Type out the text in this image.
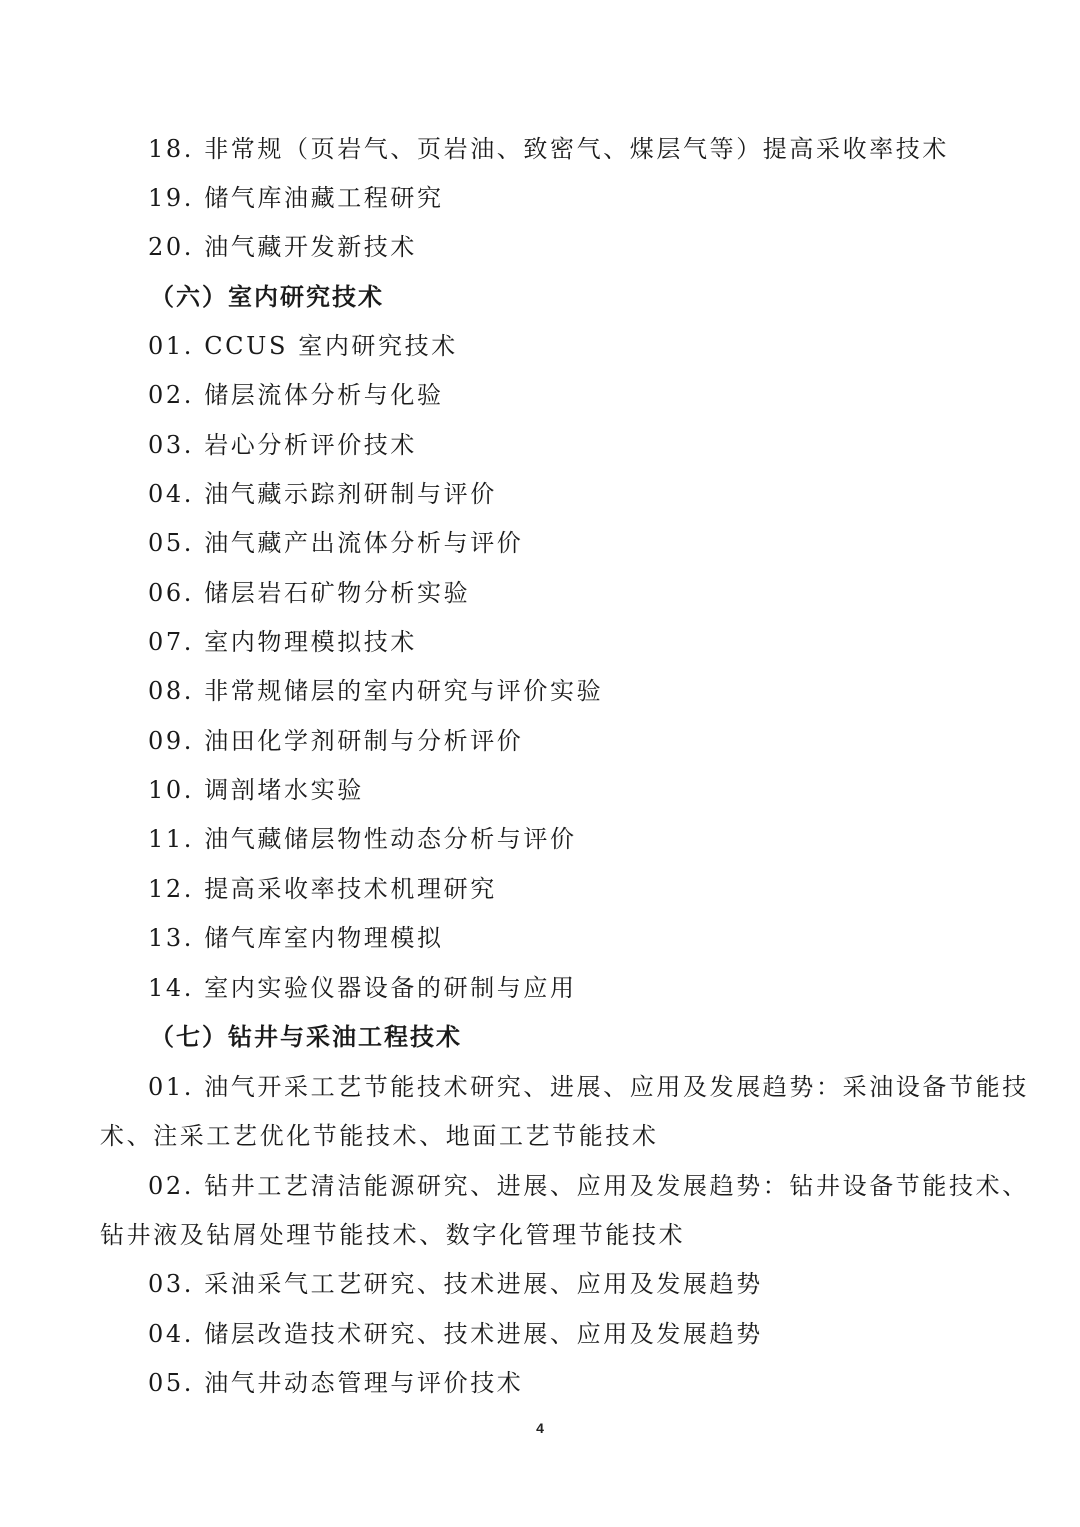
18. 非常规（页岩气、页岩油、致密气、煤层气等）提高采收率技术
19. 储气库油藏工程研究
20. 油气藏开发新技术
（六）室内研究技术
01. CCUS 室内研究技术
02. 储层流体分析与化验
03. 岩心分析评价技术
04. 油气藏示踪剂研制与评价
05. 油气藏产出流体分析与评价
06. 储层岩石矿物分析实验
07. 室内物理模拟技术
08. 非常规储层的室内研究与评价实验
09. 油田化学剂研制与分析评价
10. 调剖堵水实验
11. 油气藏储层物性动态分析与评价
12. 提高采收率技术机理研究
13. 储气库室内物理模拟
14. 室内实验仪器设备的研制与应用
（七）钻井与采油工程技术
01. 油气开采工艺节能技术研究、进展、应用及发展趋势：采油设备节能技
术、注采工艺优化节能技术、地面工艺节能技术
02. 钻井工艺清洁能源研究、进展、应用及发展趋势：钻井设备节能技术、
钻井液及钻屑处理节能技术、数字化管理节能技术
03. 采油采气工艺研究、技术进展、应用及发展趋势
04. 储层改造技术研究、技术进展、应用及发展趋势
05. 油气井动态管理与评价技术
4
